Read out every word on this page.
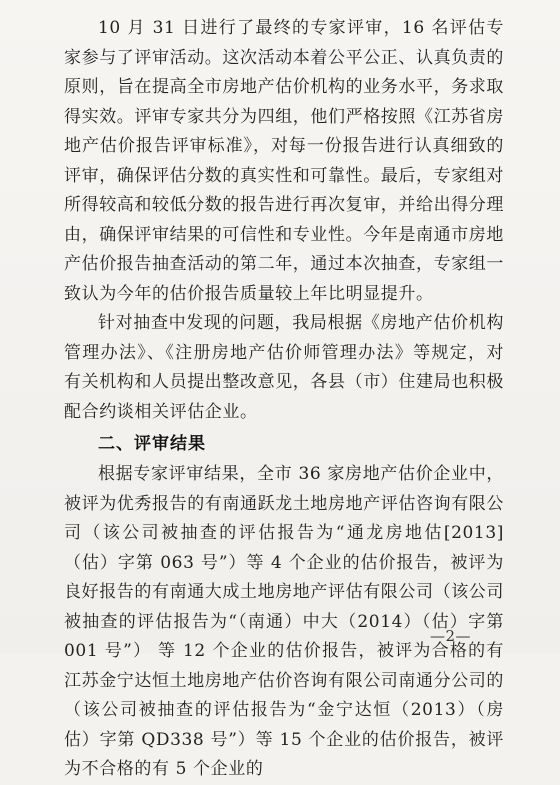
10 月 31 日进行了最终的专家评审，16 名评估专家参与了评审活动。这次活动本着公平公正、认真负责的原则，旨在提高全市房地产估价机构的业务水平，务求取得实效。评审专家共分为四组，他们严格按照《江苏省房地产估价报告评审标准》，对每一份报告进行认真细致的评审，确保评估分数的真实性和可靠性。最后，专家组对所得较高和较低分数的报告进行再次复审，并给出得分理由，确保评审结果的可信性和专业性。今年是南通市房地产估价报告抽查活动的第二年，通过本次抽查，专家组一致认为今年的估价报告质量较上年比明显提升。

针对抽查中发现的问题，我局根据《房地产估价机构管理办法》、《注册房地产估价师管理办法》等规定，对有关机构和人员提出整改意见，各县（市）住建局也积极配合约谈相关评估企业。

二、评审结果

根据专家评审结果，全市 36 家房地产估价企业中，被评为优秀报告的有南通跃龙土地房地产评估咨询有限公司（该公司被抽查的评估报告为“通龙房地估[2013]（估）字第 063 号”）等 4 个企业的估价报告，被评为良好报告的有南通大成土地房地产评估有限公司（该公司被抽查的评估报告为“（南通）中大（2014）（估）字第 001 号”） 等 12 个企业的估价报告，被评为合格的有江苏金宁达恒土地房地产估价咨询有限公司南通分公司的（该公司被抽查的评估报告为“金宁达恒（2013）（房估）字第 QD338 号”）等 15 个企业的估价报告，被评为不合格的有 5 个企业的

—2—
